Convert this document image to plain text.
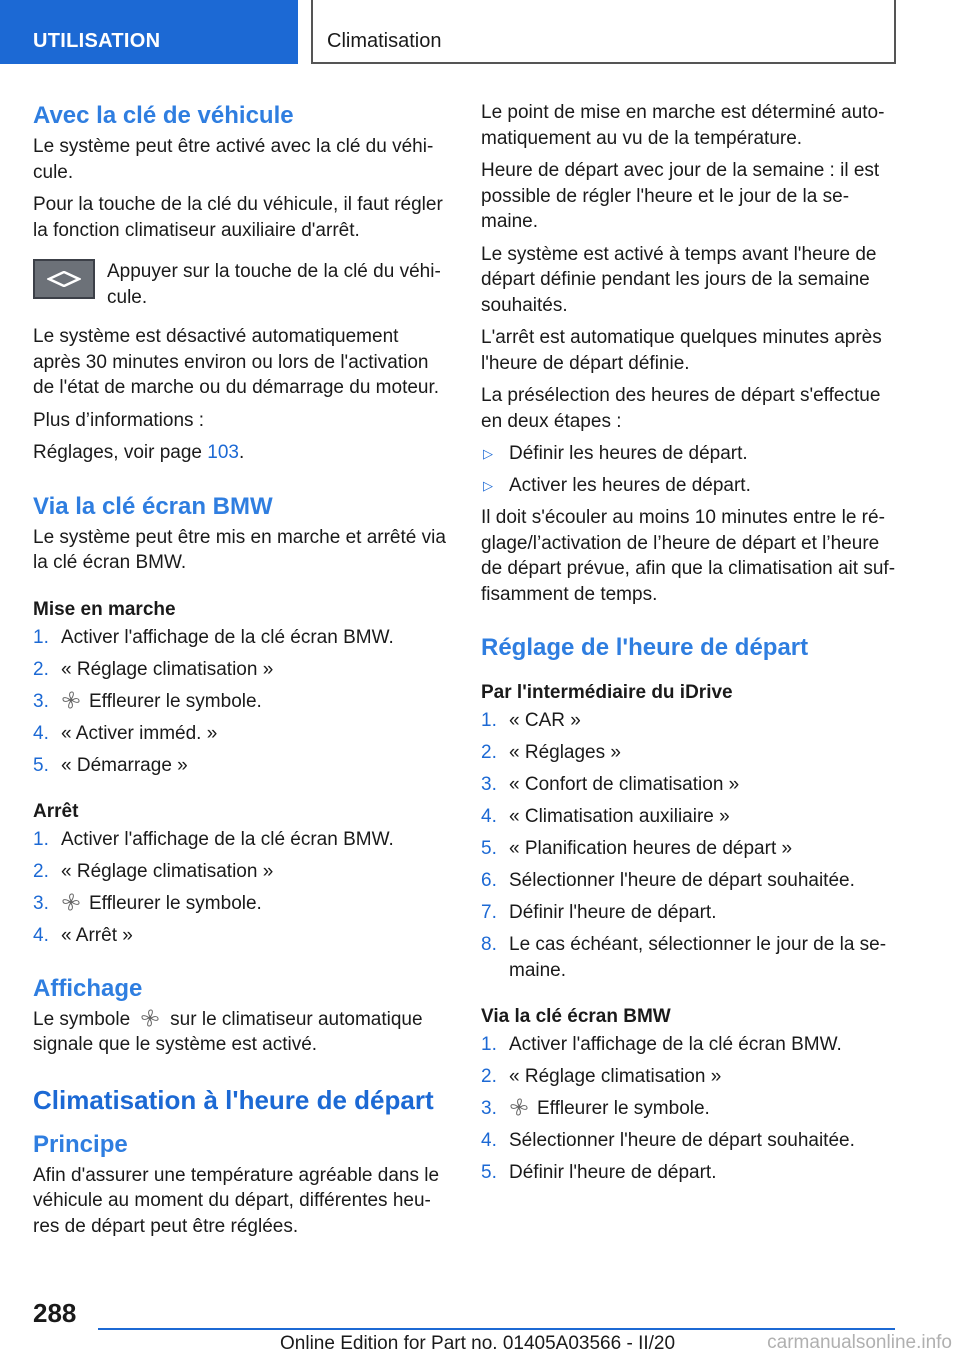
UTILISATION	Climatisation
Avec la clé de véhicule

Le système peut être activé avec la clé du véhicule.

Pour la touche de la clé du véhicule, il faut régler la fonction climatiseur auxiliaire d'arrêt.

Appuyer sur la touche de la clé du véhicule.

Le système est désactivé automatiquement après 30 minutes environ ou lors de l'activation de l'état de marche ou du démarrage du moteur.

Plus d’informations :

Réglages, voir page 103.

Via la clé écran BMW

Le système peut être mis en marche et arrêté via la clé écran BMW.

Mise en marche
1. Activer l'affichage de la clé écran BMW.
2. « Réglage climatisation »
3.	Effleurer le symbole.
4. « Activer imméd. »
5. « Démarrage »
Arrêt
1. Activer l'affichage de la clé écran BMW.
2. « Réglage climatisation »
3.	Effleurer le symbole.
4. « Arrêt »
Affichage

Le symbole sur le climatiseur automatique signale que le système est activé.

Climatisation à l'heure de départ
Principe

Afin d'assurer une température agréable dans le véhicule au moment du départ, différentes heures de départ peut être réglées.

Le point de mise en marche est déterminé automatiquement au vu de la température.

Heure de départ avec jour de la semaine : il est possible de régler l'heure et le jour de la semaine.

Le système est activé à temps avant l'heure de départ définie pendant les jours de la semaine souhaités.

L'arrêt est automatique quelques minutes après l'heure de départ définie.

La présélection des heures de départ s'effectue en deux étapes :

▷ Définir les heures de départ.
▷ Activer les heures de départ.

Il doit s'écouler au moins 10 minutes entre le réglage/l’activation de l’heure de départ et l’heure de départ prévue, afin que la climatisation ait suffisamment de temps.

Réglage de l'heure de départ
Par l'intermédiaire du iDrive
1. « CAR »
2. « Réglages »
3. « Confort de climatisation »
4. « Climatisation auxiliaire »
5. « Planification heures de départ »
6. Sélectionner l'heure de départ souhaitée.
7. Définir l'heure de départ.
8. Le cas échéant, sélectionner le jour de la semaine.
Via la clé écran BMW
1. Activer l'affichage de la clé écran BMW.
2. « Réglage climatisation »
3.	Effleurer le symbole.
4. Sélectionner l'heure de départ souhaitée.
5. Définir l'heure de départ.
288
Online Edition for Part no. 01405A03566 - II/20	carmanualsonline.info
